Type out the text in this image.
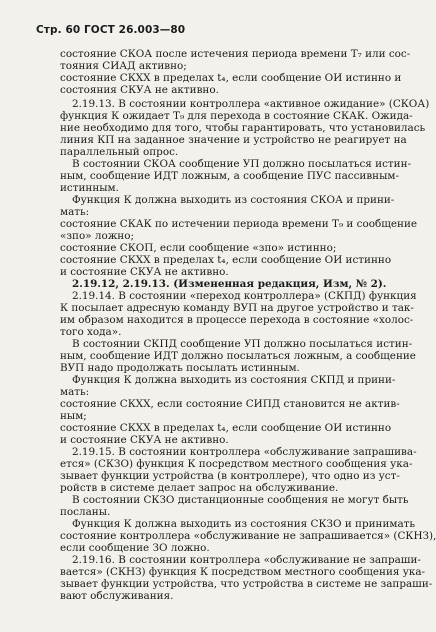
Стр. 60 ГОСТ 26.003—80
состояние СКОА после истечения периода времени T₇ или сос-
тояния СИАД активно;
состояние СКХХ в пределах t₄, если сообщение ОИ истинно и
состояния СКУА не активно.
2.19.13. В состоянии контроллера «активное ожидание» (СКОА)
функция К ожидает T₉ для перехода в состояние СКАК. Ожида-
ние необходимо для того, чтобы гарантировать, что установилась
линия КП на заданное значение и устройство не реагирует на
параллельный опрос.
В состоянии СКОА сообщение УП должно посылаться истин-
ным, сообщение ИДТ ложным, а сообщение ПУС пассивным-
истинным.
Функция К должна выходить из состояния СКОА и прини-
мать:
состояние СКАК по истечении периода времени T₉ и сообщение
«зпо» ложно;
состояние СКОП, если сообщение «зпо» истинно;
состояние СКХХ в пределах t₄, если сообщение ОИ истинно
и состояние СКУА не активно.
2.19.12, 2.19.13. (Измененная редакция, Изм, № 2).
2.19.14. В состоянии «переход контроллера» (СКПД) функция
К посылает адресную команду ВУП на другое устройство и так-
им образом находится в процессе перехода в состояние «холос-
того хода».
В состоянии СКПД сообщение УП должно посылаться истин-
ным, сообщение ИДТ должно посылаться ложным, а сообщение
ВУП надо продолжать посылать истинным.
Функция К должна выходить из состояния СКПД и прини-
мать:
состояние СКХХ, если состояние СИПД становится не актив-
ным;
состояние СКХХ в пределах t₄, если сообщение ОИ истинно
и состояние СКУА не активно.
2.19.15. В состоянии контроллера «обслуживание запрашива-
ется» (СКЗО) функция К посредством местного сообщения ука-
зывает функции устройства (в контроллере), что одно из уст-
ройств в системе делает запрос на обслуживание.
В состоянии СКЗО дистанционные сообщения не могут быть
посланы.
Функция К должна выходить из состояния СКЗО и принимать
состояние контроллера «обслуживание не запрашивается» (СКНЗ),
если сообщение ЗО ложно.
2.19.16. В состоянии контроллера «обслуживание не запраши-
вается» (СКНЗ) функция К посредством местного сообщения ука-
зывает функции устройства, что устройства в системе не запраши-
вают обслуживания.
